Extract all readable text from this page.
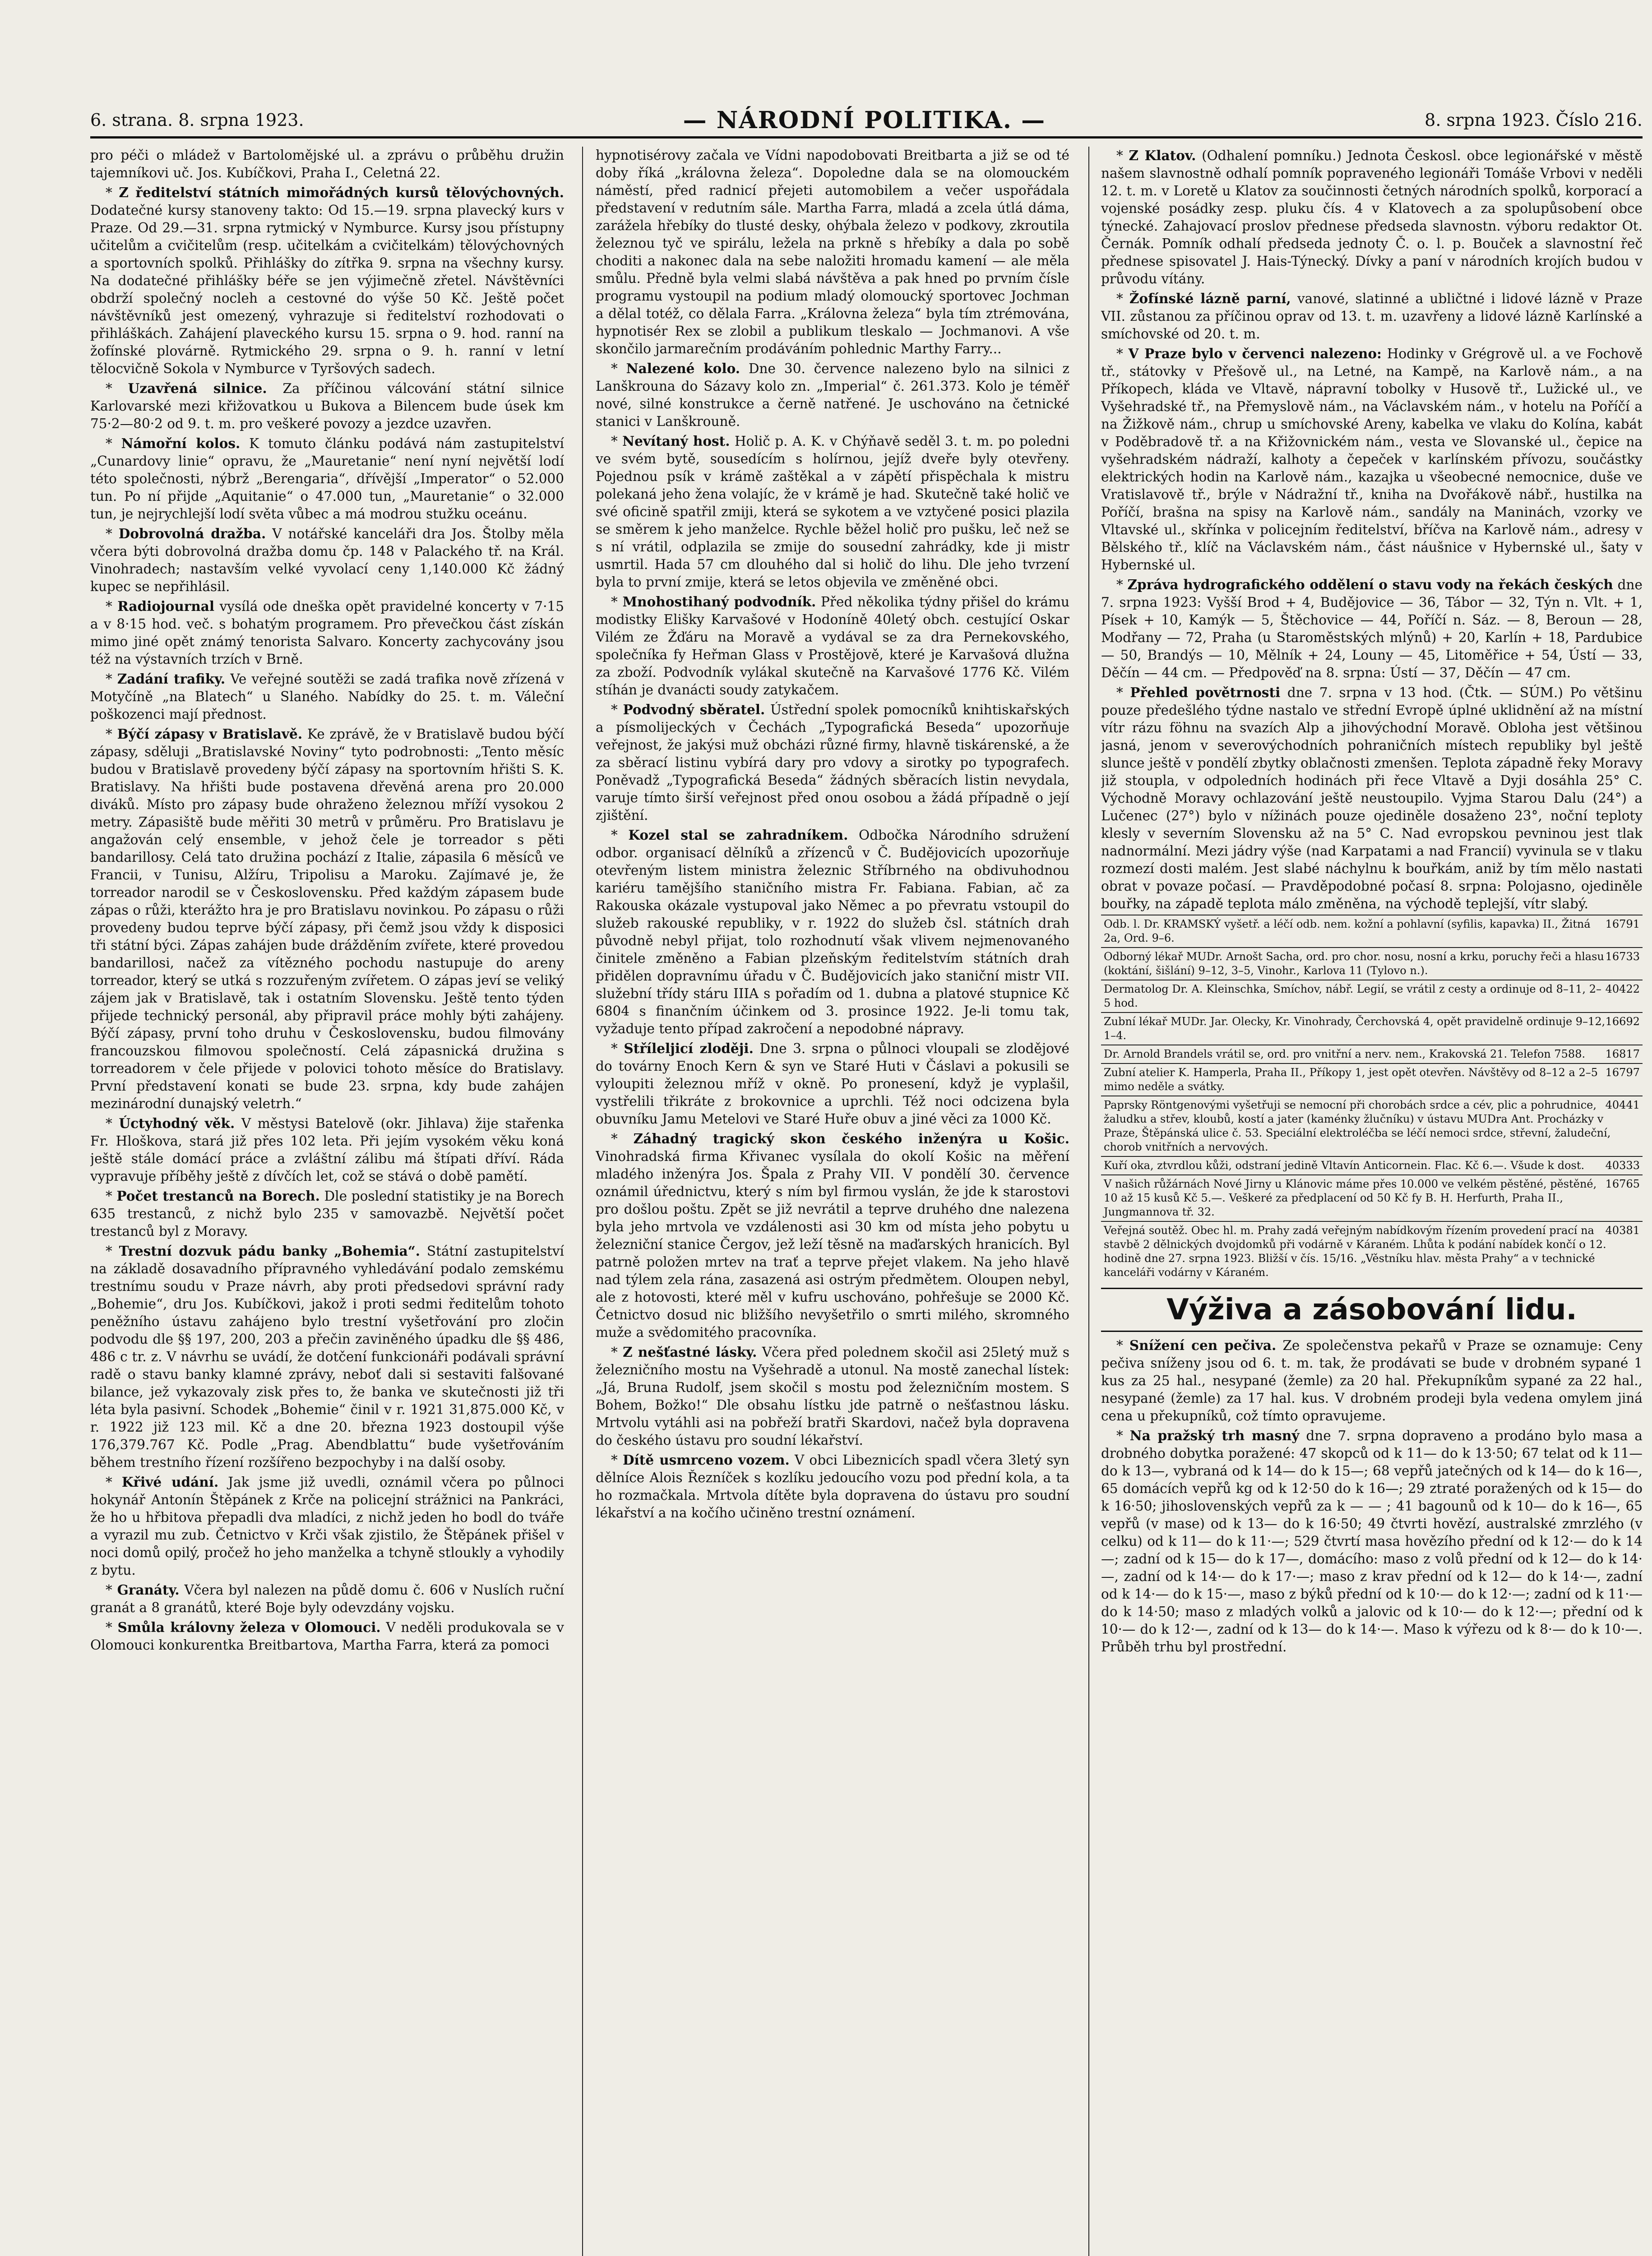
6. strana. 8. srpna 1923.	— NÁRODNÍ POLITIKA. —	8. srpna 1923. Číslo 216.

pro péči o mládež v Bartolomějské ul. a zprávu o průběhu družin tajemníkovi uč. Jos. Kubíčkovi, Praha I., Celetná 22.

* Z ředitelství státních mimořádných kursů tělovýchovných. Dodatečné kursy stanoveny takto: Od 15.—19. srpna plavecký kurs v Praze. Od 29.—31. srpna rytmický v Nymburce. Kursy jsou přístupny učitelům a cvičitelům (resp. učitelkám a cvičitelkám) tělovýchovných a sportovních spolků. Přihlášky do zítřka 9. srpna na všechny kursy. Na dodatečné přihlášky béře se jen výjimečně zřetel. Návštěvníci obdrží společný nocleh a cestovné do výše 50 Kč. Ještě počet návštěvníků jest omezený, vyhrazuje si ředitelství rozhodovati o přihláškách. Zahájení plaveckého kursu 15. srpna o 9. hod. ranní na žofínské plovárně. Rytmického 29. srpna o 9. h. ranní v letní tělocvičně Sokola v Nymburce v Tyršových sadech.

* Uzavřená silnice. Za příčinou válcování státní silnice Karlovarské mezi křižovatkou u Bukova a Bilencem bude úsek km 75·2—80·2 od 9. t. m. pro veškeré povozy a jezdce uzavřen.

* Námořní kolos. K tomuto článku podává nám zastupitelství „Cunardovy linie“ opravu, že „Mauretanie“ není nyní největší lodí této společnosti, nýbrž „Berengaria“, dřívější „Imperator“ o 52.000 tun. Po ní přijde „Aquitanie“ o 47.000 tun, „Mauretanie“ o 32.000 tun, je nejrychlejší lodí světa vůbec a má modrou stužku oceánu.

* Dobrovolná dražba. V notářské kanceláři dra Jos. Štolby měla včera býti dobrovolná dražba domu čp. 148 v Palackého tř. na Král. Vinohradech; nastavším velké vyvolací ceny 1,140.000 Kč žádný kupec se nepřihlásil.

* Radiojournal vysílá ode dneška opět pravidelné koncerty v 7·15 a v 8·15 hod. več. s bohatým programem. Pro převečkou část získán mimo jiné opět známý tenorista Salvaro. Koncerty zachycovány jsou též na výstavních trzích v Brně.

* Zadání trafiky. Ve veřejné soutěži se zadá trafika nově zřízená v Motyčíně „na Blatech“ u Slaného. Nabídky do 25. t. m. Váleční poškozenci mají přednost.

* Býčí zápasy v Bratislavě. Ke zprávě, že v Bratislavě budou býčí zápasy, sděluji „Bratislavské Noviny“ tyto podrobnosti: „Tento měsíc budou v Bratislavě provedeny býčí zápasy na sportovním hřišti S. K. Bratislavy. Na hřišti bude postavena dřevěná arena pro 20.000 diváků. Místo pro zápasy bude ohraženo železnou mříží vysokou 2 metry. Zápasiště bude měřiti 30 metrů v průměru. Pro Bratislavu je angažován celý ensemble, v jehož čele je torreador s pěti bandarillosy. Celá tato družina pochází z Italie, zápasila 6 měsíců ve Francii, v Tunisu, Alžíru, Tripolisu a Maroku. Zajímavé je, že torreador narodil se v Československu. Před každým zápasem bude zápas o růži, kterážto hra je pro Bratislavu novinkou. Po zápasu o růži provedeny budou teprve býčí zápasy, při čemž jsou vždy k disposici tři státní býci. Zápas zahájen bude drážděním zvířete, které provedou bandarillosi, načež za vítězného pochodu nastupuje do areny torreador, který se utká s rozzuřeným zvířetem. O zápas jeví se veliký zájem jak v Bratislavě, tak i ostatním Slovensku. Ještě tento týden přijede technický personál, aby připravil práce mohly býti zahájeny. Býčí zápasy, první toho druhu v Československu, budou filmovány francouzskou filmovou společností. Celá zápasnická družina s torreadorem v čele přijede v polovici tohoto měsíce do Bratislavy. První představení konati se bude 23. srpna, kdy bude zahájen mezinárodní dunajský veletrh.“

* Úctyhodný věk. V městysi Batelově (okr. Jihlava) žije stařenka Fr. Hloškova, stará již přes 102 leta. Při jejím vysokém věku koná ještě stále domácí práce a zvláštní zálibu má štípati dříví. Ráda vypravuje příběhy ještě z dívčích let, což se stává o době pamětí.

* Počet trestanců na Borech. Dle poslední statistiky je na Borech 635 trestanců, z nichž bylo 235 v samovazbě. Největší počet trestanců byl z Moravy.

* Trestní dozvuk pádu banky „Bohemia“. Státní zastupitelství na základě dosavadního přípravného vyhledávání podalo zemskému trestnímu soudu v Praze návrh, aby proti předsedovi správní rady „Bohemie“, dru Jos. Kubíčkovi, jakož i proti sedmi ředitelům tohoto peněžního ústavu zahájeno bylo trestní vyšetřování pro zločin podvodu dle §§ 197, 200, 203 a přečin zaviněného úpadku dle §§ 486, 486 c tr. z. V návrhu se uvádí, že dotčení funkcionáři podávali správní radě o stavu banky klamné zprávy, neboť dali si sestaviti falšované bilance, jež vykazovaly zisk přes to, že banka ve skutečnosti již tři léta byla pasivní. Schodek „Bohemie“ činil v r. 1921 31,875.000 Kč, v r. 1922 již 123 mil. Kč a dne 20. března 1923 dostoupil výše 176,379.767 Kč. Podle „Prag. Abendblattu“ bude vyšetřováním během trestního řízení rozšířeno bezpochyby i na další osoby.

* Křivé udání. Jak jsme již uvedli, oznámil včera po půlnoci hokynář Antonín Štěpánek z Krče na policejní strážnici na Pankráci, že ho u hřbitova přepadli dva mladíci, z nichž jeden ho bodl do tváře a vyrazil mu zub. Četnictvo v Krči však zjistilo, že Štěpánek přišel v noci domů opilý, pročež ho jeho manželka a tchyně stloukly a vyhodily z bytu.

* Granáty. Včera byl nalezen na půdě domu č. 606 v Nuslích ruční granát a 8 granátů, které Boje byly odevzdány vojsku.

* Smůla královny železa v Olomouci. V neděli produkovala se v Olomouci konkurentka Breitbartova, Martha Farra, která za pomoci

hypnotisérovy začala ve Vídni napodobovati Breitbarta a již se od té doby říká „královna železa“. Dopoledne dala se na olomouckém náměstí, před radnicí přejeti automobilem a večer uspořádala představení v redutním sále. Martha Farra, mladá a zcela útlá dáma, zarážela hřebíky do tlusté desky, ohýbala železo v podkovy, zkroutila železnou tyč ve spirálu, ležela na prkně s hřebíky a dala po sobě choditi a nakonec dala na sebe naložiti hromadu kamení — ale měla smůlu. Předně byla velmi slabá návštěva a pak hned po prvním čísle programu vystoupil na podium mladý olomoucký sportovec Jochman a dělal totéž, co dělala Farra. „Královna železa“ byla tím ztrémována, hypnotisér Rex se zlobil a publikum tleskalo — Jochmanovi. A vše skončilo jarmarečním prodáváním pohlednic Marthy Farry...

* Nalezené kolo. Dne 30. července nalezeno bylo na silnici z Lanškrouna do Sázavy kolo zn. „Imperial“ č. 261.373. Kolo je téměř nové, silné konstrukce a černě natřené. Je uschováno na četnické stanici v Lanškrouně.

* Nevítaný host. Holič p. A. K. v Chýňavě seděl 3. t. m. po poledni ve svém bytě, sousedícím s holírnou, jejíž dveře byly otevřeny. Pojednou psík v krámě zaštěkal a v zápětí přispěchala k mistru polekaná jeho žena volajíc, že v krámě je had. Skutečně také holič ve své oficině spatřil zmiji, která se sykotem a ve vztyčené posici plazila se směrem k jeho manželce. Rychle běžel holič pro pušku, leč než se s ní vrátil, odplazila se zmije do sousední zahrádky, kde ji mistr usmrtil. Hada 57 cm dlouhého dal si holič do lihu. Dle jeho tvrzení byla to první zmije, která se letos objevila ve změněné obci.

* Mnohostihaný podvodník. Před několika týdny přišel do krámu modistky Elišky Karvašové v Hodoníně 40letý obch. cestující Oskar Vilém ze Žďáru na Moravě a vydával se za dra Pernekovského, společníka fy Heřman Glass v Prostějově, které je Karvašová dlužna za zboží. Podvodník vylákal skutečně na Karvašové 1776 Kč. Vilém stíhán je dvanácti soudy zatykačem.

* Podvodný sběratel. Ústřední spolek pomocníků knihtiskařských a písmolijeckých v Čechách „Typografická Beseda“ upozorňuje veřejnost, že jakýsi muž obcházi různé firmy, hlavně tiskárenské, a že za sběrací listinu vybírá dary pro vdovy a sirotky po typografech. Poněvadž „Typografická Beseda“ žádných sběracích listin nevydala, varuje tímto širší veřejnost před onou osobou a žádá případně o její zjištění.

* Kozel stal se zahradníkem. Odbočka Národního sdružení odbor. organisací dělníků a zřízenců v Č. Budějovicích upozorňuje otevřeným listem ministra železnic Stříbrného na obdivuhodnou kariéru tamějšího staničního mistra Fr. Fabiana. Fabian, ač za Rakouska okázale vystupoval jako Němec a po převratu vstoupil do služeb rakouské republiky, v r. 1922 do služeb čsl. státních drah původně nebyl přijat, tolo rozhodnutí však vlivem nejmenovaného činitele změněno a Fabian plzeňským ředitelstvím státních drah přidělen dopravnímu úřadu v Č. Budějovicích jako staniční mistr VII. služební třídy stáru IIIA s pořadím od 1. dubna a platové stupnice Kč 6804 s finančním účinkem od 3. prosince 1922. Je-li tomu tak, vyžaduje tento případ zakročení a nepodobné nápravy.

* Stříleljicí zloději. Dne 3. srpna o půlnoci vloupali se zlodějové do továrny Enoch Kern & syn ve Staré Huti v Čáslavi a pokusili se vyloupiti železnou mříž v okně. Po pronesení, když je vyplašil, vystřelili třikráte z brokovnice a uprchli. Též noci odcizena byla obuvníku Jamu Metelovi ve Staré Huře obuv a jiné věci za 1000 Kč.

* Záhadný tragický skon českého inženýra u Košic. Vinohradská firma Křivanec vysílala do okolí Košic na měření mladého inženýra Jos. Špala z Prahy VII. V pondělí 30. července oznámil úřednictvu, který s ním byl firmou vyslán, že jde k starostovi pro došlou poštu. Zpět se již nevrátil a teprve druhého dne nalezena byla jeho mrtvola ve vzdálenosti asi 30 km od místa jeho pobytu u železniční stanice Čergov, jež leží těsně na maďarských hranicích. Byl patrně položen mrtev na trať a teprve přejet vlakem. Na jeho hlavě nad týlem zela rána, zasazená asi ostrým předmětem. Oloupen nebyl, ale z hotovosti, které měl v kufru uschováno, pohřešuje se 2000 Kč. Četnictvo dosud nic bližšího nevyšetřilo o smrti milého, skromného muže a svědomitého pracovníka.

* Z nešťastné lásky. Včera před polednem skočil asi 25letý muž s železničního mostu na Vyšehradě a utonul. Na mostě zanechal lístek: „Já, Bruna Rudolf, jsem skočil s mostu pod železničním mostem. S Bohem, Božko!“ Dle obsahu lístku jde patrně o nešťastnou lásku. Mrtvolu vytáhli asi na pobřeží bratři Skardovi, načež byla dopravena do českého ústavu pro soudní lékařství.

* Dítě usmrceno vozem. V obci Libeznicích spadl včera 3letý syn dělníce Alois Řezníček s kozlíku jedoucího vozu pod přední kola, a ta ho rozmačkala. Mrtvola dítěte byla dopravena do ústavu pro soudní lékařství a na kočího učiněno trestní oznámení.

* Z Klatov. (Odhalení pomníku.) Jednota Českosl. obce legionářské v městě našem slavnostně odhalí pomník popraveného legionáři Tomáše Vrbovi v neděli 12. t. m. v Loretě u Klatov za součinnosti četných národních spolků, korporací a vojenské posádky zesp. pluku čís. 4 v Klatovech a za spolupůsobení obce týnecké. Zahajovací proslov přednese předseda slavnostn. výboru redaktor Ot. Černák. Pomník odhalí předseda jednoty Č. o. l. p. Bouček a slavnostní řeč přednese spisovatel J. Hais-Týnecký. Dívky a paní v národních krojích budou v průvodu vítány.

* Žofínské lázně parní, vanové, slatinné a ubličtné i lidové lázně v Praze VII. zůstanou za příčinou oprav od 13. t. m. uzavřeny a lidové lázně Karlínské a smíchovské od 20. t. m.

* V Praze bylo v červenci nalezeno: Hodinky v Grégrově ul. a ve Fochově tř., státovky v Přešově ul., na Letné, na Kampě, na Karlově nám., a na Příkopech, kláda ve Vltavě, nápravní tobolky v Husově tř., Lužické ul., ve Vyšehradské tř., na Přemyslově nám., na Václavském nám., v hotelu na Poříčí a na Žižkově nám., chrup u smíchovské Areny, kabelka ve vlaku do Kolína, kabát v Poděbradově tř. a na Křižovnickém nám., vesta ve Slovanské ul., čepice na vyšehradském nádraží, kalhoty a čepeček v karlínském přívozu, součástky elektrických hodin na Karlově nám., kazajka u všeobecné nemocnice, duše ve Vratislavově tř., brýle v Nádražní tř., kniha na Dvořákově nábř., hustilka na Poříčí, brašna na spisy na Karlově nám., sandály na Maninách, vzorky ve Vltavské ul., skřínka v policejním ředitelství, bříčva na Karlově nám., adresy v Bělského tř., klíč na Václavském nám., část náušnice v Hybernské ul., šaty v Hybernské ul.

* Zpráva hydrografického oddělení o stavu vody na řekách českých dne 7. srpna 1923: Vyšší Brod + 4, Budějovice — 36, Tábor — 32, Týn n. Vlt. + 1, Písek + 10, Kamýk — 5, Štěchovice — 44, Poříčí n. Sáz. — 8, Beroun — 28, Modřany — 72, Praha (u Staroměstských mlýnů) + 20, Karlín + 18, Pardubice — 50, Brandýs — 10, Mělník + 24, Louny — 45, Litoměřice + 54, Ústí — 33, Děčín — 44 cm. — Předpověď na 8. srpna: Ústí — 37, Děčín — 47 cm.

* Přehled povětrnosti dne 7. srpna v 13 hod. (Čtk. — SÚM.) Po většinu pouze předešlého týdne nastalo ve střední Evropě úplné uklidnění až na místní vítr rázu föhnu na svazích Alp a jihovýchodní Moravě. Obloha jest většinou jasná, jenom v severovýchodních pohraničních místech republiky byl ještě slunce ještě v pondělí zbytky oblačnosti zmenšen. Teplota západně řeky Moravy již stoupla, v odpoledních hodinách při řece Vltavě a Dyji dosáhla 25° C. Východně Moravy ochlazování ještě neustoupilo. Vyjma Starou Dalu (24°) a Lučenec (27°) bylo v nížinách pouze ojediněle dosaženo 23°, noční teploty klesly v severním Slovensku až na 5° C. Nad evropskou pevninou jest tlak nadnormální. Mezi jádry výše (nad Karpatami a nad Francií) vyvinula se v tlaku rozmezí dosti malém. Jest slabé náchylnu k bouřkám, aniž by tím mělo nastati obrat v povaze počasí. — Pravděpodobné počasí 8. srpna: Polojasno, ojediněle bouřky, na západě teplota málo změněna, na východě teplejší, vítr slabý.

16791
Odb. l. Dr. KRAMSKÝ vyšetř. a léčí odb. nem. kožní a pohlavní (syfilis, kapavka) II., Žitná 2a, Ord. 9–6.
16733
Odborný lékař MUDr. Arnošt Sacha, ord. pro chor. nosu, nosní a krku, poruchy řeči a hlasu (koktání, šišlání) 9–12, 3–5, Vinohr., Karlova 11 (Tylovo n.).
40422
Dermatolog Dr. A. Kleinschka, Smíchov, nábř. Legií, se vrátil z cesty a ordinuje od 8–11, 2–5 hod.
16692
Zubní lékař MUDr. Jar. Olecky, Kr. Vinohrady, Čerchovská 4, opět pravidelně ordinuje 9–12, 1–4.
16817
Dr. Arnold Brandels vrátil se, ord. pro vnitřní a nerv. nem., Krakovská 21. Telefon 7588.
16797
Zubní atelier K. Hamperla, Praha II., Příkopy 1, jest opět otevřen. Návštěvy od 8–12 a 2–5 mimo neděle a svátky.
40441
Paprsky Röntgenovými vyšetřuji se nemocní při chorobách srdce a cév, plic a pohrudnice, žaludku a střev, kloubů, kostí a jater (kaménky žlučníku) v ústavu MUDra Ant. Procházky v Praze, Štěpánská ulice č. 53. Speciální elektroléčba se léčí nemoci srdce, střevní, žaludeční, chorob vnitřních a nervových.
40333
Kuří oka, ztvrdlou kůži, odstraní jedině Vltavín Anticornein. Flac. Kč 6.—. Všude k dost.
16765
V našich růžárnách Nové Jirny u Klánovic máme přes 10.000 ve velkém pěstěné, pěstěné, 10 až 15 kusů Kč 5.—. Veškeré za předplacení od 50 Kč fy B. H. Herfurth, Praha II., Jungmannova tř. 32.
40381
Veřejná soutěž. Obec hl. m. Prahy zadá veřejným nabídkovým řízením provedení prací na stavbě 2 dělnických dvojdomků při vodárně v Káraném. Lhůta k podání nabídek končí o 12. hodině dne 27. srpna 1923. Bližší v čís. 15/16. „Věstníku hlav. města Prahy“ a v technické kanceláři vodárny v Káraném.
Výživa a zásobování lidu.

* Snížení cen pečiva. Ze společenstva pekařů v Praze se oznamuje: Ceny pečiva sníženy jsou od 6. t. m. tak, že prodávati se bude v drobném sypané 1 kus za 25 hal., nesypané (žemle) za 20 hal. Překupníkům sypané za 22 hal., nesypané (žemle) za 17 hal. kus. V drobném prodeji byla vedena omylem jiná cena u překupníků, což tímto opravujeme.

* Na pražský trh masný dne 7. srpna dopraveno a prodáno bylo masa a drobného dobytka poražené: 47 skopců od k 11— do k 13·50; 67 telat od k 11— do k 13—, vybraná od k 14— do k 15—; 68 vepřů jatečných od k 14— do k 16—, 65 domácích vepřů kg od k 12·50 do k 16—; 29 ztraté poražených od k 15— do k 16·50; jihoslovenských vepřů za k — — ; 41 bagounů od k 10— do k 16—, 65 vepřů (v mase) od k 13— do k 16·50; 49 čtvrti hovězí, australské zmrzlého (v celku) od k 11— do k 11·—; 529 čtvrtí masa hovězího přední od k 12·— do k 14—; zadní od k 15— do k 17—, domácího: maso z volů přední od k 12— do k 14·—, zadní od k 14·— do k 17·—; maso z krav přední od k 12— do k 14·—, zadní od k 14·— do k 15·—, maso z býků přední od k 10·— do k 12·—; zadní od k 11·— do k 14·50; maso z mladých volků a jalovic od k 10·— do k 12·—; přední od k 10·— do k 12·—, zadní od k 13— do k 14·—. Maso k výřezu od k 8·— do k 10·—. Průběh trhu byl prostřední.
